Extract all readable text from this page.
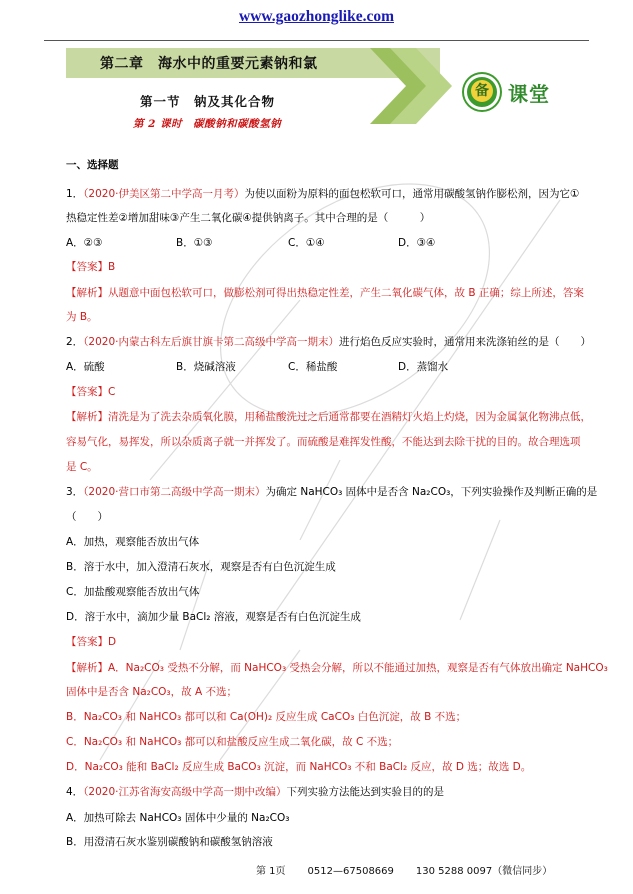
www.gaozhonglike.com
第二章　海水中的重要元素钠和氯
第一节　钠及其化合物
第 2 课时　碳酸钠和碳酸氢钠
备 课堂
一、选择题
1．（2020·伊美区第二中学高一月考）为使以面粉为原料的面包松软可口，通常用碳酸氢钠作膨松剂，因为它①
热稳定性差②增加甜味③产生二氧化碳④提供钠离子。其中合理的是（　　　）
A．②③	B．①③	C．①④	D．③④
【答案】B
【解析】从题意中面包松软可口，做膨松剂可得出热稳定性差，产生二氧化碳气体，故 B 正确；综上所述，答案
为 B。
2．（2020·内蒙古科左后旗甘旗卡第二高级中学高一期末）进行焰色反应实验时，通常用来洗涤铂丝的是（　　）
A．硫酸	B．烧碱溶液	C．稀盐酸	D．蒸馏水
【答案】C
【解析】清洗是为了洗去杂质氧化膜，用稀盐酸洗过之后通常都要在酒精灯火焰上灼烧，因为金属氯化物沸点低，
容易气化，易挥发，所以杂质离子就一并挥发了。而硫酸是难挥发性酸，不能达到去除干扰的目的。故合理选项
是 C。
3．（2020·营口市第二高级中学高一期末）为确定 NaHCO₃ 固体中是否含 Na₂CO₃，下列实验操作及判断正确的是
（　　）
A．加热，观察能否放出气体
B．溶于水中，加入澄清石灰水，观察是否有白色沉淀生成
C．加盐酸观察能否放出气体
D．溶于水中，滴加少量 BaCl₂ 溶液，观察是否有白色沉淀生成
【答案】D
【解析】A．Na₂CO₃ 受热不分解，而 NaHCO₃ 受热会分解，所以不能通过加热，观察是否有气体放出确定 NaHCO₃
固体中是否含 Na₂CO₃，故 A 不选；
B．Na₂CO₃ 和 NaHCO₃ 都可以和 Ca(OH)₂ 反应生成 CaCO₃ 白色沉淀，故 B 不选；
C．Na₂CO₃ 和 NaHCO₃ 都可以和盐酸反应生成二氧化碳，故 C 不选；
D．Na₂CO₃ 能和 BaCl₂ 反应生成 BaCO₃ 沉淀，而 NaHCO₃ 不和 BaCl₂ 反应，故 D 选；故选 D。
4．（2020·江苏省海安高级中学高一期中改编）下列实验方法能达到实验目的的是
A．加热可除去 NaHCO₃ 固体中少量的 Na₂CO₃
B．用澄清石灰水鉴别碳酸钠和碳酸氢钠溶液
第 1页 0512—67508669 130 5288 0097（微信同步）
